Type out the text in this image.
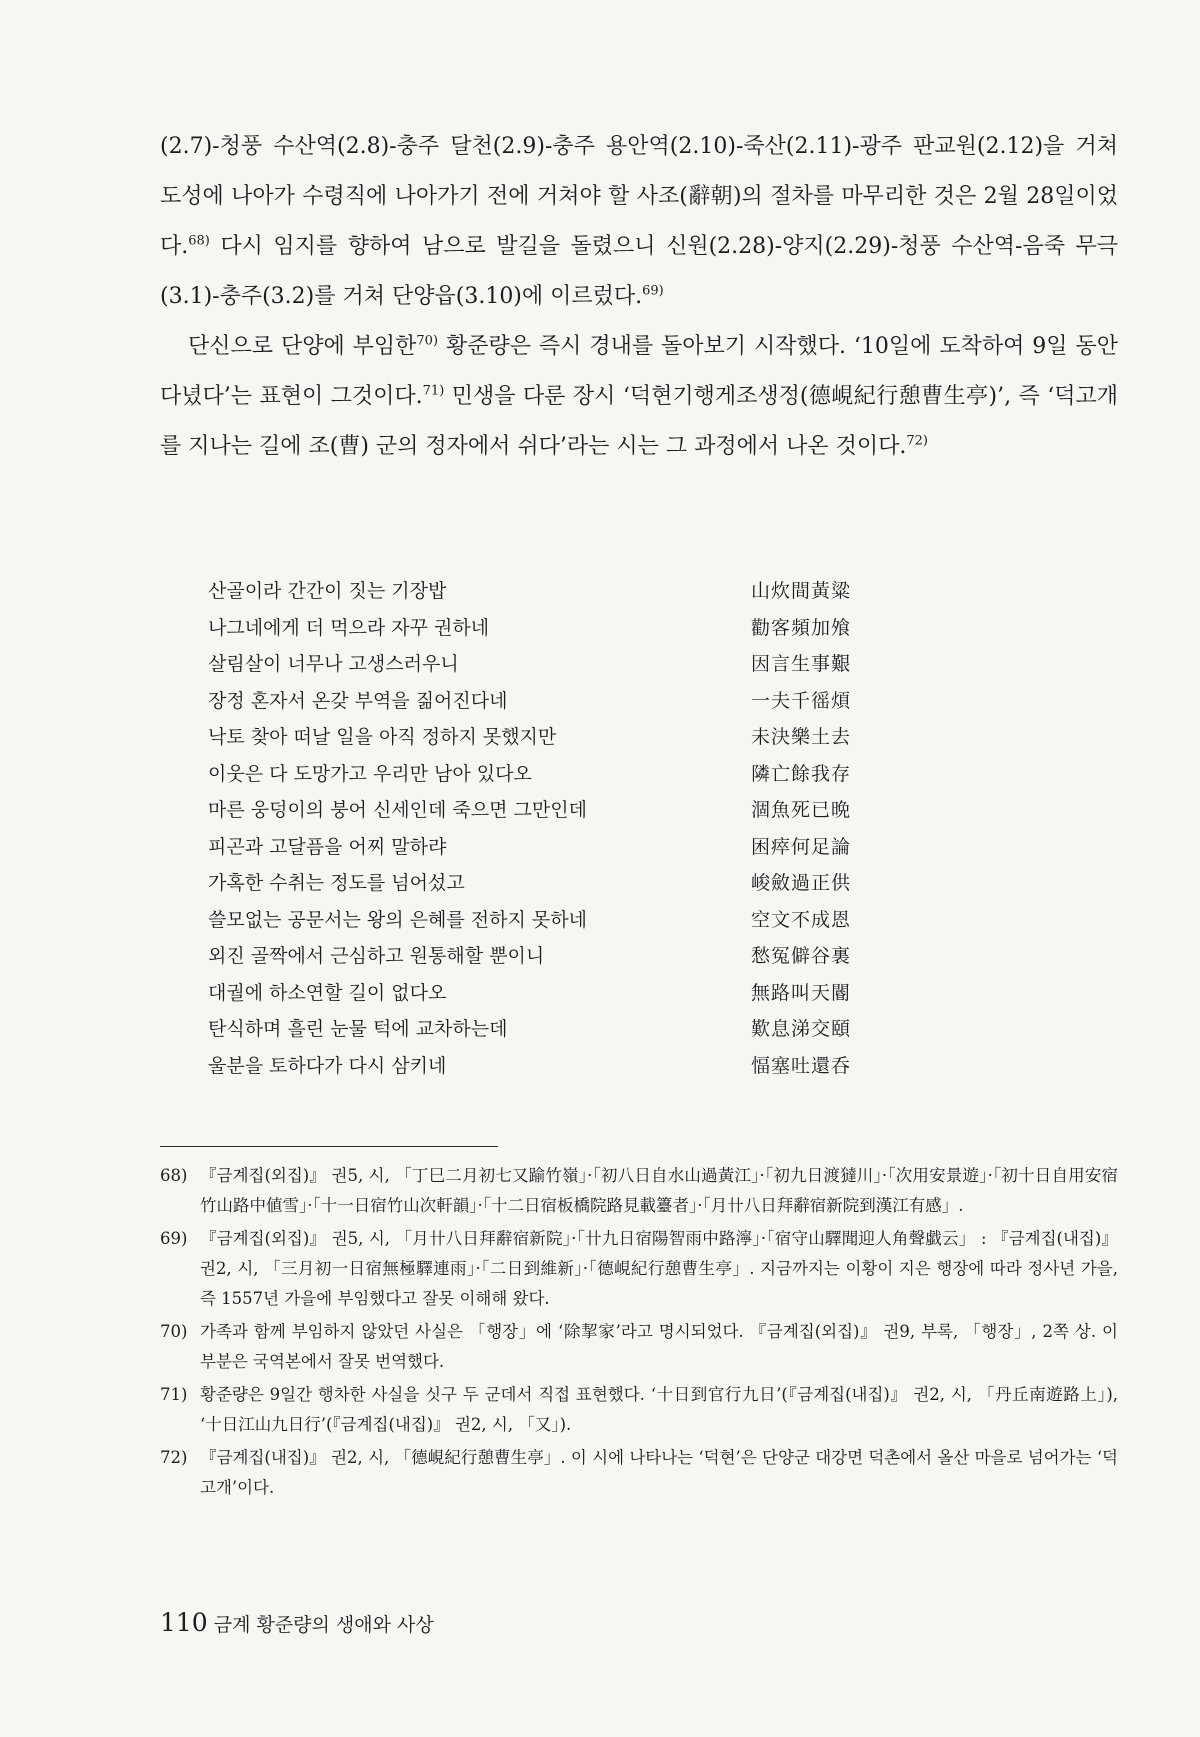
(2.7)-청풍 수산역(2.8)-충주 달천(2.9)-충주 용안역(2.10)-죽산(2.11)-광주 판교원(2.12)을 거쳐 도성에 나아가 수령직에 나아가기 전에 거쳐야 할 사조(辭朝)의 절차를 마무리한 것은 2월 28일이었다.$^{68)}$ 다시 임지를 향하여 남으로 발길을 돌렸으니 신원(2.28)-양지(2.29)-청풍 수산역-음죽 무극(3.1)-충주(3.2)를 거쳐 단양읍(3.10)에 이르렀다.$^{69)}$

단신으로 단양에 부임한$^{70)}$ 황준량은 즉시 경내를 돌아보기 시작했다. ‘10일에 도착하여 9일 동안 다녔다’는 표현이 그것이다.$^{71)}$ 민생을 다룬 장시 ‘덕현기행게조생정(德峴紀行憩曹生亭)’, 즉 ‘덕고개를 지나는 길에 조(曹) 군의 정자에서 쉬다’라는 시는 그 과정에서 나온 것이다.$^{72)}$

산골이라 간간이 짓는 기장밥	山炊間黃粱
나그네에게 더 먹으라 자꾸 권하네	勸客頻加飧
살림살이 너무나 고생스러우니	因言生事艱
장정 혼자서 온갖 부역을 짊어진다네	一夫千徭煩
낙토 찾아 떠날 일을 아직 정하지 못했지만	未決樂土去
이웃은 다 도망가고 우리만 남아 있다오	隣亡餘我存
마른 웅덩이의 붕어 신세인데 죽으면 그만인데	涸魚死已晩
피곤과 고달픔을 어찌 말하랴	困瘁何足論
가혹한 수취는 정도를 넘어섰고	峻斂過正供
쓸모없는 공문서는 왕의 은혜를 전하지 못하네	空文不成恩
외진 골짝에서 근심하고 원통해할 뿐이니	愁冤僻谷裏
대궐에 하소연할 길이 없다오	無路叫天閽
탄식하며 흘린 눈물 턱에 교차하는데	歎息涕交頤
울분을 토하다가 다시 삼키네	愊塞吐還呑
68) 『금계집(외집)』 권5, 시, 「丁巳二月初七又踰竹嶺」·「初八日自水山過黃江」·「初九日渡㺚川」·「次用安景遊」·「初十日自用安宿竹山路中値雪」·「十一日宿竹山次軒韻」·「十二日宿板橋院路見載籉者」·「月卄八日拜辭宿新院到漢江有感」.
69) 『금계집(외집)』 권5, 시, 「月卄八日拜辭宿新院」·「卄九日宿陽智雨中路濘」·「宿守山驛聞迎人角聲戱云」 : 『금계집(내집)』 권2, 시, 「三月初一日宿無極驛連雨」·「二日到維新」·「德峴紀行憩曹生亭」. 지금까지는 이황이 지은 행장에 따라 정사년 가을, 즉 1557년 가을에 부임했다고 잘못 이해해 왔다.
70) 가족과 함께 부임하지 않았던 사실은 「행장」에 ‘除挈家’라고 명시되었다. 『금계집(외집)』 권9, 부록, 「행장」, 2쪽 상. 이 부분은 국역본에서 잘못 번역했다.
71) 황준량은 9일간 행차한 사실을 싯구 두 군데서 직접 표현했다. ‘十日到官行九日’(『금계집(내집)』 권2, 시, 「丹丘南遊路上」), ‘十日江山九日行’(『금계집(내집)』 권2, 시, 「又」).
72) 『금계집(내집)』 권2, 시, 「德峴紀行憩曹生亭」. 이 시에 나타나는 ‘덕현’은 단양군 대강면 덕촌에서 올산 마을로 넘어가는 ‘덕고개’이다.
110 금계 황준량의 생애와 사상
